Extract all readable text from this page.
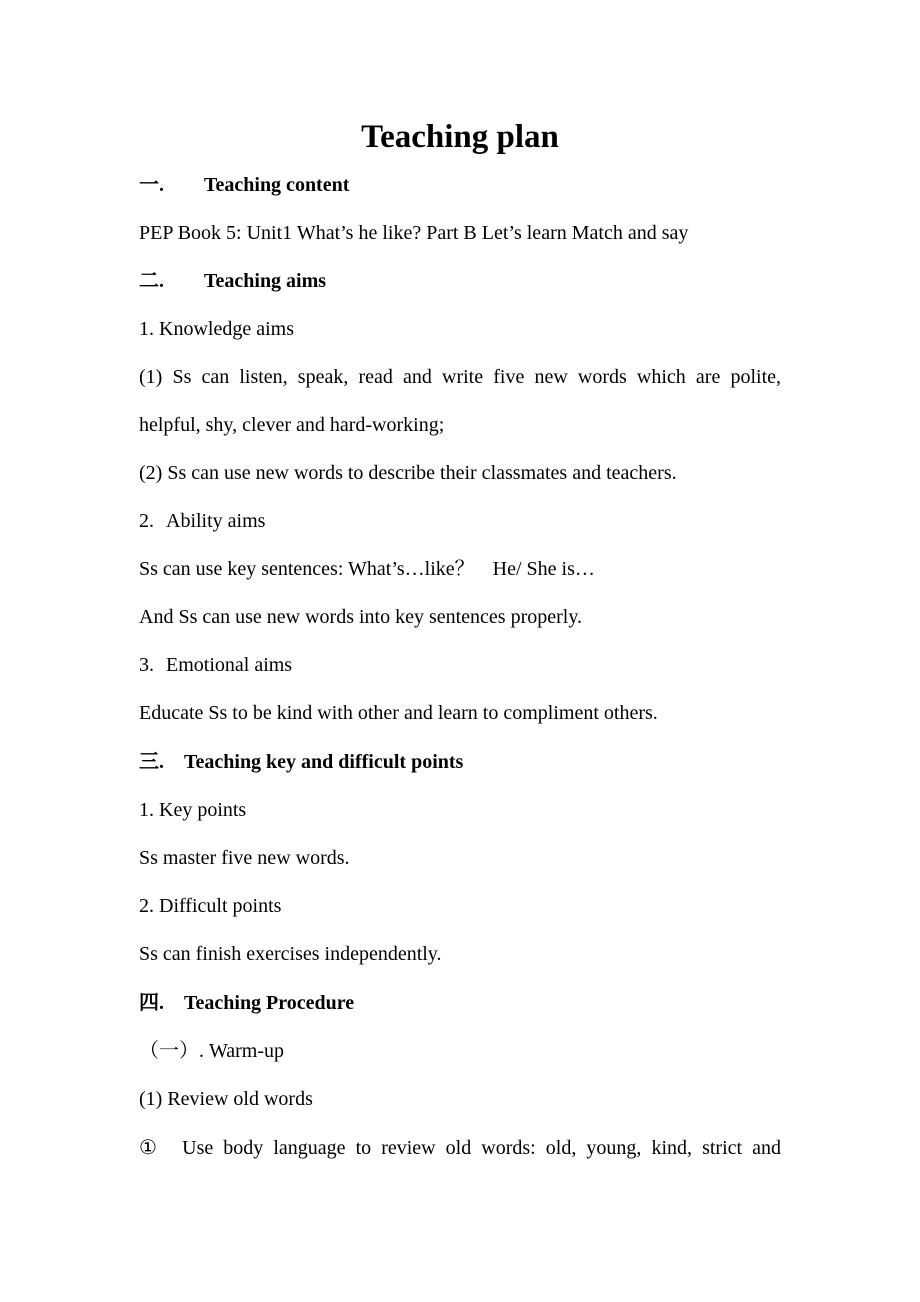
Teaching plan
一. Teaching content
PEP Book 5: Unit1 What’s he like? Part B Let’s learn Match and say
二. Teaching aims
1. Knowledge aims
(1) Ss can listen, speak, read and write five new words which are polite,
helpful, shy, clever and hard-working;
(2) Ss can use new words to describe their classmates and teachers.
2. Ability aims
Ss can use key sentences: What’s…like？ He/ She is…
And Ss can use new words into key sentences properly.
3. Emotional aims
Educate Ss to be kind with other and learn to compliment others.
三. Teaching key and difficult points
1. Key points
Ss master five new words.
2. Difficult points
Ss can finish exercises independently.
四. Teaching Procedure
（一）. Warm-up
(1) Review old words
① Use body language to review old words: old, young, kind, strict and
